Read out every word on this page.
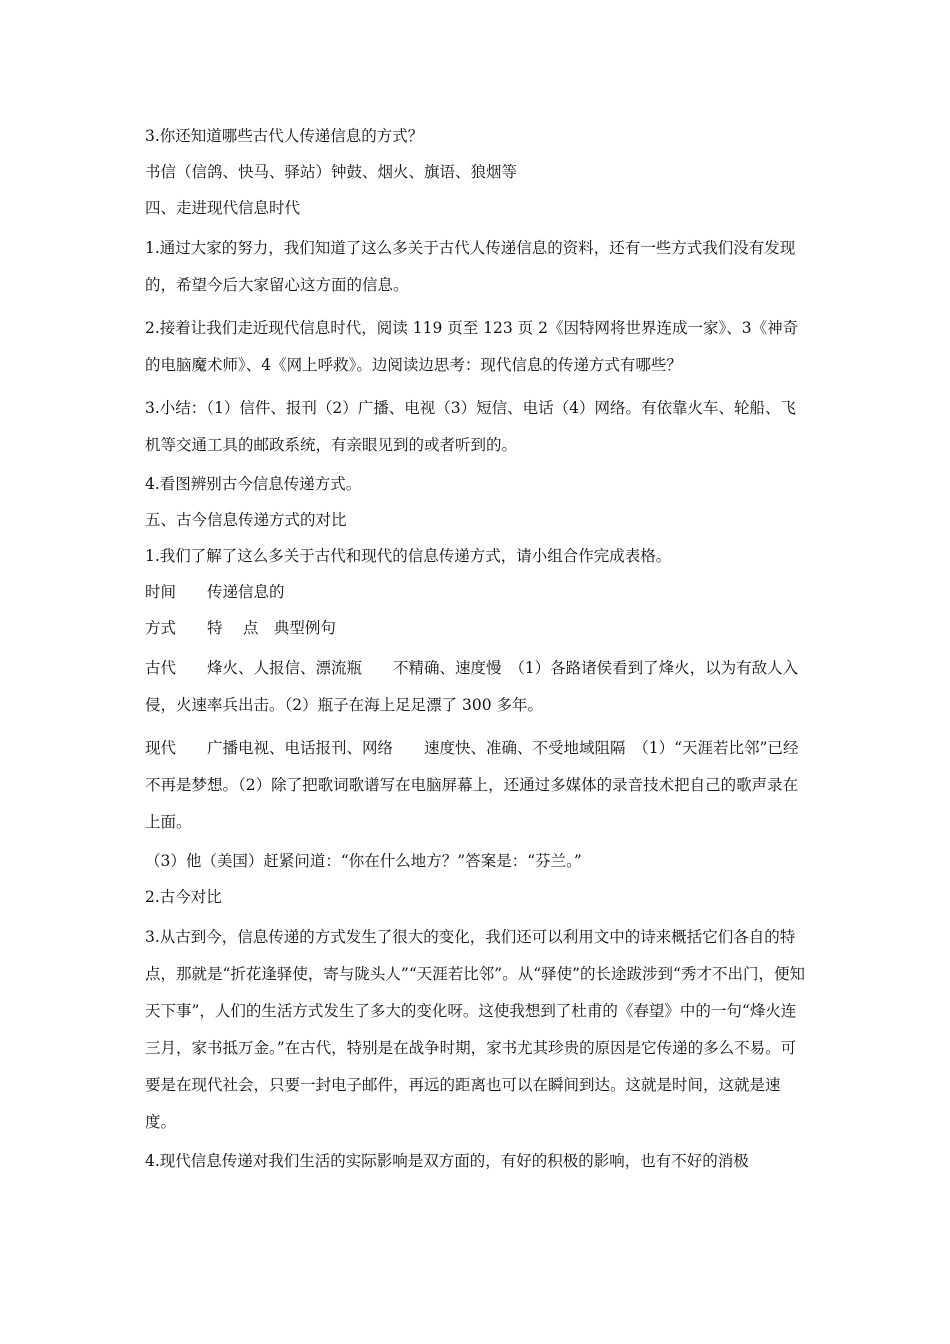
3.你还知道哪些古代人传递信息的方式？

书信（信鸽、快马、驿站）钟鼓、烟火、旗语、狼烟等

四、走进现代信息时代

1.通过大家的努力，我们知道了这么多关于古代人传递信息的资料，还有一些方式我们没有发现的，希望今后大家留心这方面的信息。

2.接着让我们走近现代信息时代，阅读 119 页至 123 页 2《因特网将世界连成一家》、3《神奇的电脑魔术师》、4《网上呼救》。边阅读边思考：现代信息的传递方式有哪些？

3.小结：（1）信件、报刊（2）广播、电视（3）短信、电话（4）网络。有依靠火车、轮船、飞机等交通工具的邮政系统，有亲眼见到的或者听到的。

4.看图辨别古今信息传递方式。

五、古今信息传递方式的对比

1.我们了解了这么多关于古代和现代的信息传递方式，请小组合作完成表格。

时间　　传递信息的

方式　　特　 点　典型例句

古代　　烽火、人报信、漂流瓶　　不精确、速度慢　（1）各路诸侯看到了烽火，以为有敌人入侵，火速率兵出击。（2）瓶子在海上足足漂了 300 多年。

现代　　广播电视、电话报刊、网络　　速度快、准确、不受地域阻隔　（1）“天涯若比邻”已经不再是梦想。（2）除了把歌词歌谱写在电脑屏幕上，还通过多媒体的录音技术把自己的歌声录在上面。

（3）他（美国）赶紧问道：“你在什么地方？”答案是：“芬兰。”

2.古今对比

3.从古到今，信息传递的方式发生了很大的变化，我们还可以利用文中的诗来概括它们各自的特点，那就是“折花逢驿使，寄与陇头人”“天涯若比邻”。从“驿使”的长途跋涉到“秀才不出门，便知天下事”，人们的生活方式发生了多大的变化呀。这使我想到了杜甫的《春望》中的一句“烽火连三月，家书抵万金。”在古代，特别是在战争时期，家书尤其珍贵的原因是它传递的多么不易。可要是在现代社会，只要一封电子邮件，再远的距离也可以在瞬间到达。这就是时间，这就是速度。

4.现代信息传递对我们生活的实际影响是双方面的，有好的积极的影响，也有不好的消极
